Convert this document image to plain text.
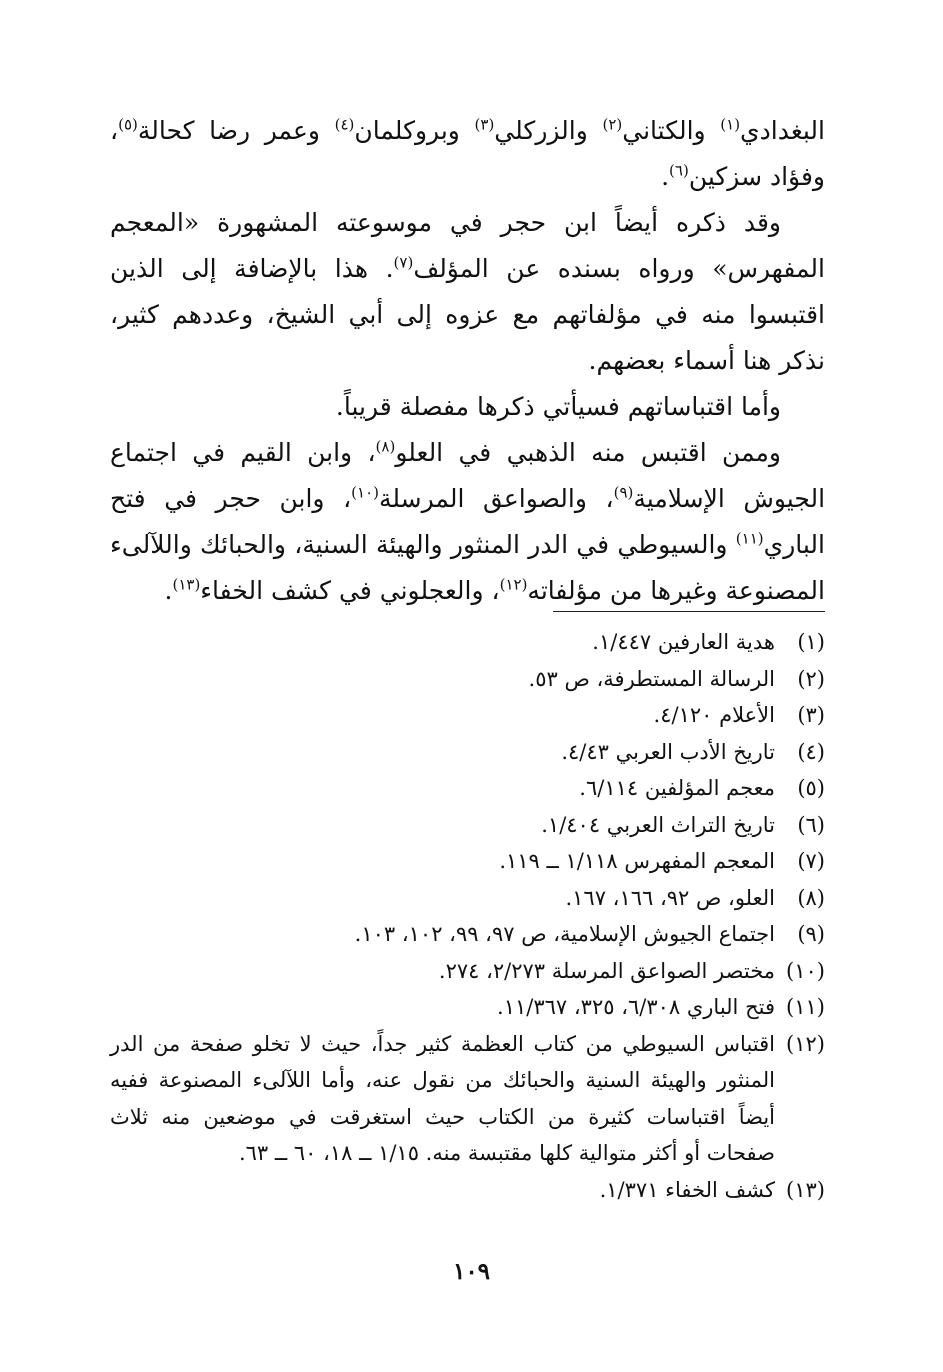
البغدادي$^{(١)}$ والكتاني$^{(٢)}$ والزركلي$^{(٣)}$ وبروكلمان$^{(٤)}$ وعمر رضا كحالة$^{(٥)}$، وفؤاد سزكين$^{(٦)}$.

وقد ذكره أيضاً ابن حجر في موسوعته المشهورة «المعجم المفهرس» ورواه بسنده عن المؤلف$^{(٧)}$. هذا بالإضافة إلى الذين اقتبسوا منه في مؤلفاتهم مع عزوه إلى أبي الشيخ، وعددهم كثير، نذكر هنا أسماء بعضهم.

وأما اقتباساتهم فسيأتي ذكرها مفصلة قريباً.

وممن اقتبس منه الذهبي في العلو$^{(٨)}$، وابن القيم في اجتماع الجيوش الإسلامية$^{(٩)}$، والصواعق المرسلة$^{(١٠)}$، وابن حجر في فتح الباري$^{(١١)}$ والسيوطي في الدر المنثور والهيئة السنية، والحبائك واللآلىء المصنوعة وغيرها من مؤلفاته$^{(١٢)}$، والعجلوني في كشف الخفاء$^{(١٣)}$.

(١)
هدية العارفين ١/٤٤٧.
(٢)
الرسالة المستطرفة، ص ٥٣.
(٣)
الأعلام ٤/١٢٠.
(٤)
تاريخ الأدب العربي ٤/٤٣.
(٥)
معجم المؤلفين ٦/١١٤.
(٦)
تاريخ التراث العربي ١/٤٠٤.
(٧)
المعجم المفهرس ١/١١٨ ــ ١١٩.
(٨)
العلو، ص ٩٢، ١٦٦، ١٦٧.
(٩)
اجتماع الجيوش الإسلامية، ص ٩٧، ٩٩، ١٠٢، ١٠٣.
(١٠)
مختصر الصواعق المرسلة ٢/٢٧٣، ٢٧٤.
(١١)
فتح الباري ٦/٣٠٨، ٣٢٥، ١١/٣٦٧.
(١٢)
اقتباس السيوطي من كتاب العظمة كثير جداً، حيث لا تخلو صفحة من الدر المنثور والهيئة السنية والحبائك من نقول عنه، وأما اللآلىء المصنوعة ففيه أيضاً اقتباسات كثيرة من الكتاب حيث استغرقت في موضعين منه ثلاث صفحات أو أكثر متوالية كلها مقتبسة منه. ١/١٥ ــ ١٨، ٦٠ ــ ٦٣.
(١٣)
كشف الخفاء ١/٣٧١.
١٠٩
